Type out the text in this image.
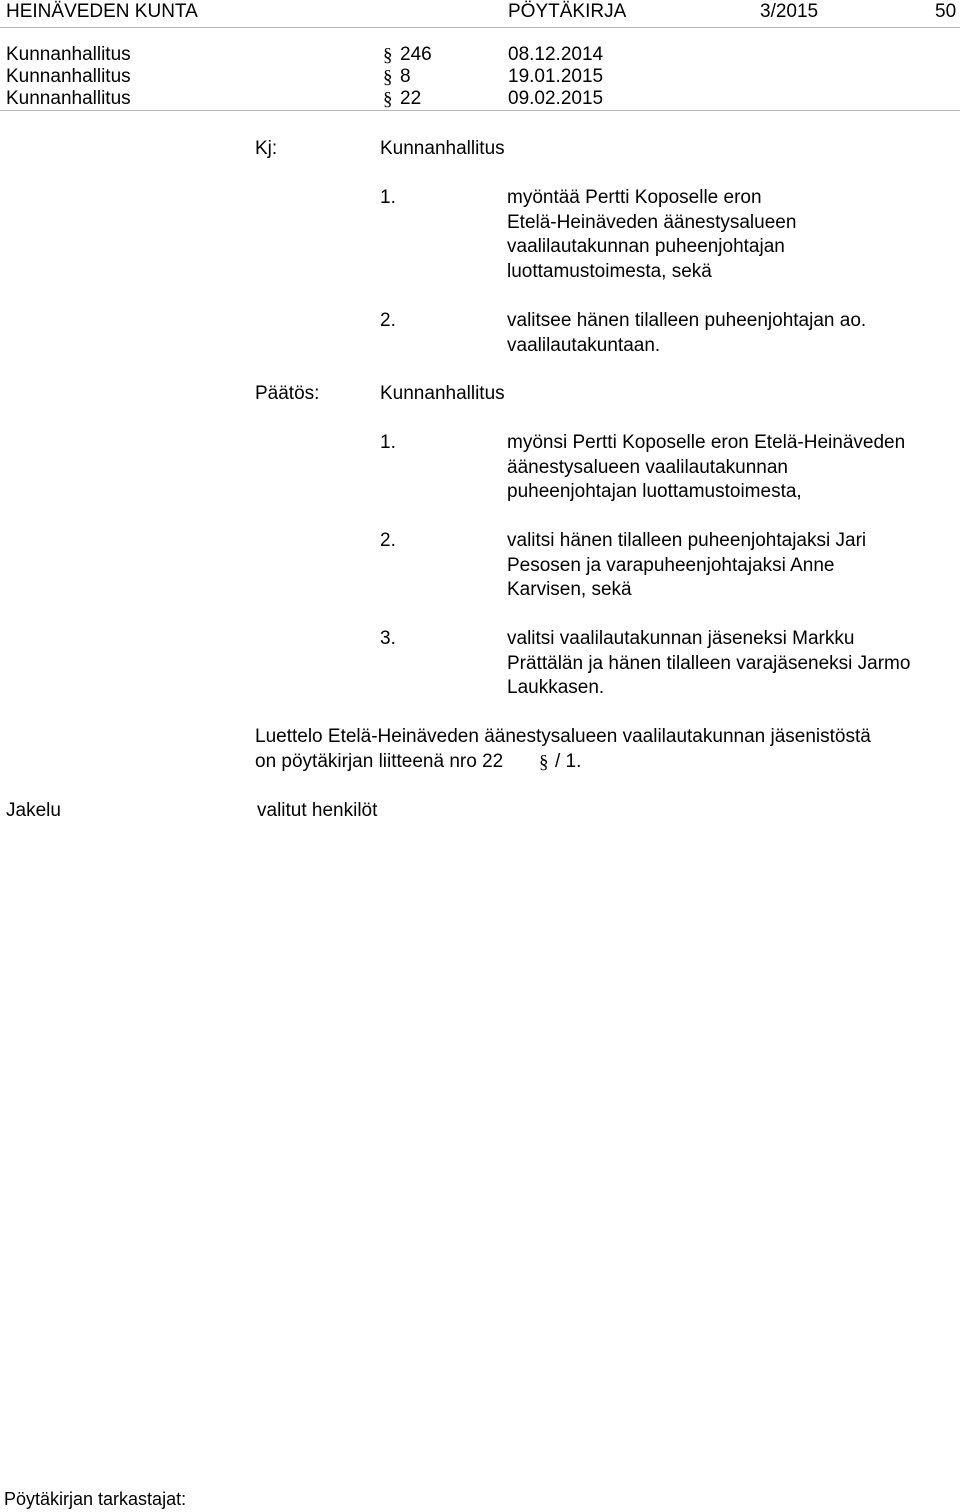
HEINÄVEDEN KUNTA	PÖYTÄKIRJA	3/2015	50
Kunnanhallitus	§ 246	08.12.2014
Kunnanhallitus	§ 8	19.01.2015
Kunnanhallitus	§ 22	09.02.2015
Kj:	Kunnanhallitus
1.	myöntää Pertti Koposelle eron
Etelä-Heinäveden äänestysalueen
vaalilautakunnan puheenjohtajan
luottamustoimesta, sekä
2.	valitsee hänen tilalleen puheenjohtajan ao.
vaalilautakuntaan.
Päätös:	Kunnanhallitus
1.	myönsi Pertti Koposelle eron Etelä-Heinäveden
äänestysalueen vaalilautakunnan
puheenjohtajan luottamustoimesta,
2.	valitsi hänen tilalleen puheenjohtajaksi Jari
Pesosen ja varapuheenjohtajaksi Anne
Karvisen, sekä
3.	valitsi vaalilautakunnan jäseneksi Markku
Prättälän ja hänen tilalleen varajäseneksi Jarmo
Laukkasen.
Luettelo Etelä-Heinäveden äänestysalueen vaalilautakunnan jäsenistöstä
on pöytäkirjan liitteenä nro 22 § / 1.
Jakelu	valitut henkilöt
Pöytäkirjan tarkastajat:
